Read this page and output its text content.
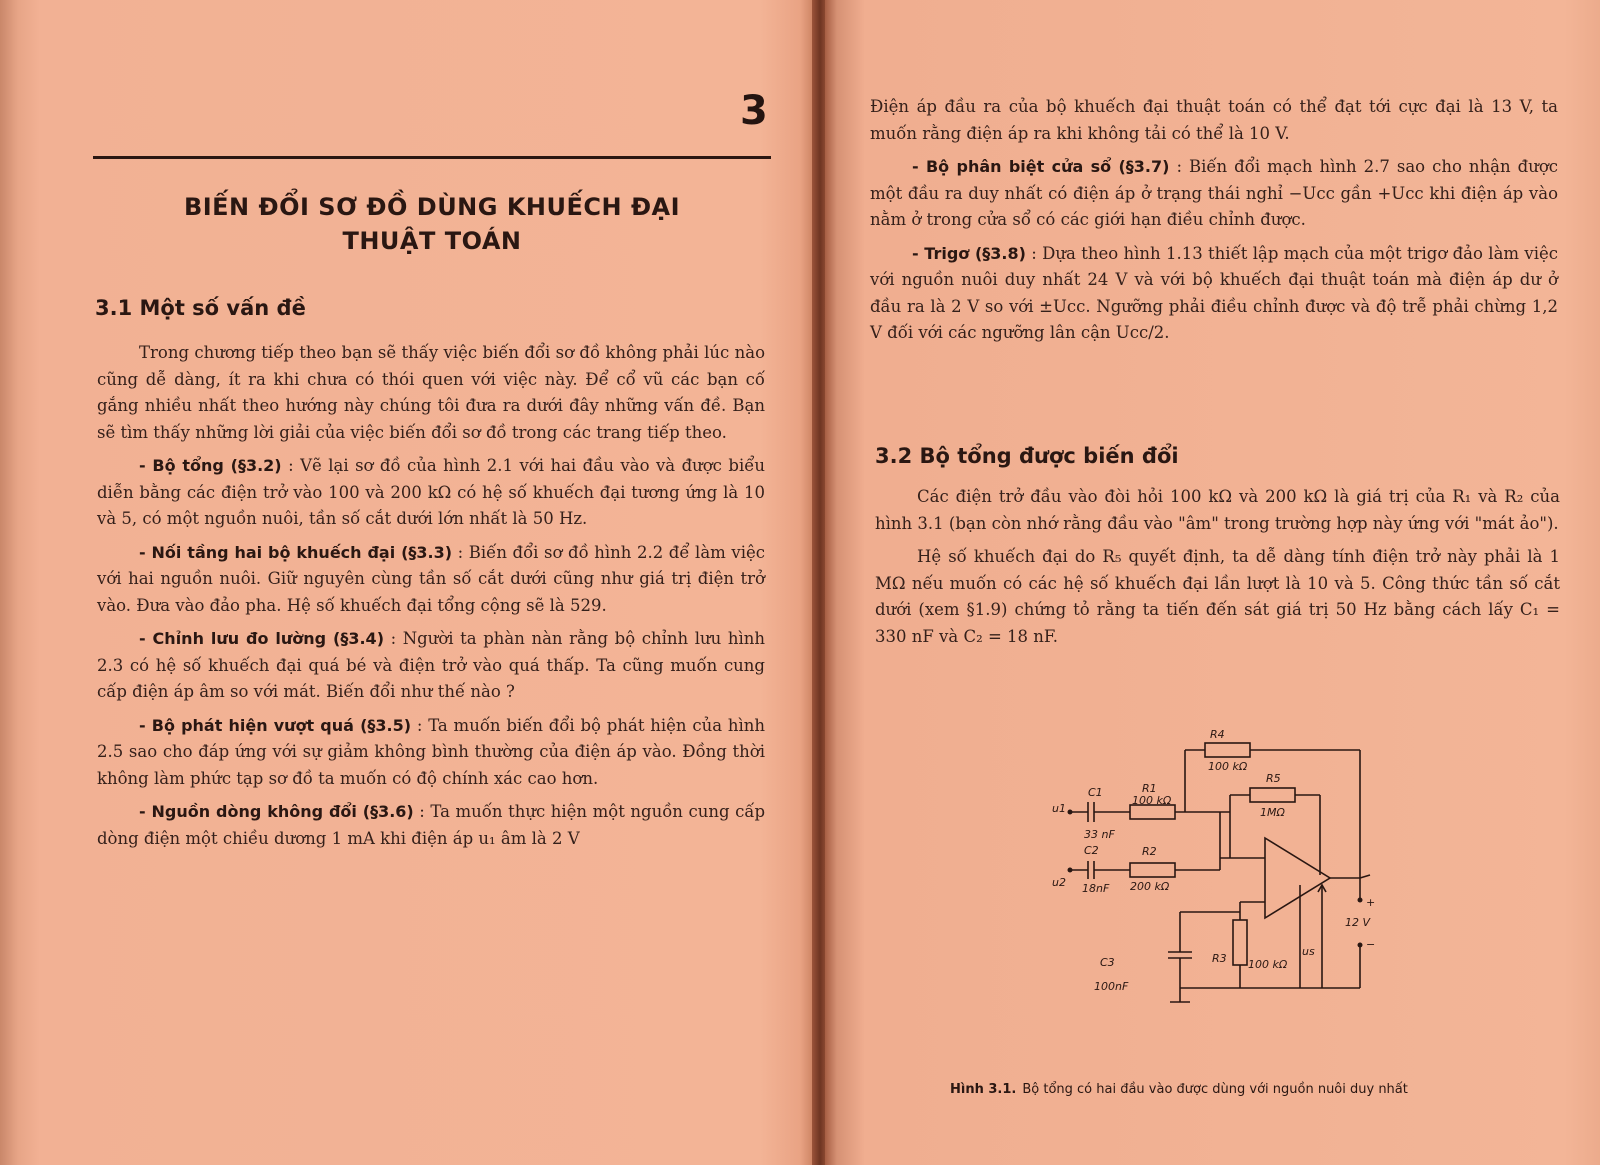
3
BIẾN ĐỔI SƠ ĐỒ DÙNG KHUẾCH ĐẠI
THUẬT TOÁN
3.1 Một số vấn đề

Trong chương tiếp theo bạn sẽ thấy việc biến đổi sơ đồ không phải lúc nào cũng dễ dàng, ít ra khi chưa có thói quen với việc này. Để cổ vũ các bạn cố gắng nhiều nhất theo hướng này chúng tôi đưa ra dưới đây những vấn đề. Bạn sẽ tìm thấy những lời giải của việc biến đổi sơ đồ trong các trang tiếp theo.

- Bộ tổng (§3.2) : Vẽ lại sơ đồ của hình 2.1 với hai đầu vào và được biểu diễn bằng các điện trở vào 100 và 200 kΩ có hệ số khuếch đại tương ứng là 10 và 5, có một nguồn nuôi, tần số cắt dưới lớn nhất là 50 Hz.

- Nối tầng hai bộ khuếch đại (§3.3) : Biến đổi sơ đồ hình 2.2 để làm việc với hai nguồn nuôi. Giữ nguyên cùng tần số cắt dưới cũng như giá trị điện trở vào. Đưa vào đảo pha. Hệ số khuếch đại tổng cộng sẽ là 529.

- Chỉnh lưu đo lường (§3.4) : Người ta phàn nàn rằng bộ chỉnh lưu hình 2.3 có hệ số khuếch đại quá bé và điện trở vào quá thấp. Ta cũng muốn cung cấp điện áp âm so với mát. Biến đổi như thế nào ?

- Bộ phát hiện vượt quá (§3.5) : Ta muốn biến đổi bộ phát hiện của hình 2.5 sao cho đáp ứng với sự giảm không bình thường của điện áp vào. Đồng thời không làm phức tạp sơ đồ ta muốn có độ chính xác cao hơn.

- Nguồn dòng không đổi (§3.6) : Ta muốn thực hiện một nguồn cung cấp dòng điện một chiều dương 1 mA khi điện áp u₁ âm là 2 V

Điện áp đầu ra của bộ khuếch đại thuật toán có thể đạt tới cực đại là 13 V, ta muốn rằng điện áp ra khi không tải có thể là 10 V.

- Bộ phân biệt cửa sổ (§3.7) : Biến đổi mạch hình 2.7 sao cho nhận được một đầu ra duy nhất có điện áp ở trạng thái nghỉ −Ucc gần +Ucc khi điện áp vào nằm ở trong cửa sổ có các giới hạn điều chỉnh được.

- Trigơ (§3.8) : Dựa theo hình 1.13 thiết lập mạch của một trigơ đảo làm việc với nguồn nuôi duy nhất 24 V và với bộ khuếch đại thuật toán mà điện áp dư ở đầu ra là 2 V so với ±Ucc. Ngưỡng phải điều chỉnh được và độ trễ phải chừng 1,2 V đối với các ngưỡng lân cận Ucc/2.

3.2 Bộ tổng được biến đổi

Các điện trở đầu vào đòi hỏi 100 kΩ và 200 kΩ là giá trị của R₁ và R₂ của hình 3.1 (bạn còn nhớ rằng đầu vào "âm" trong trường hợp này ứng với "mát ảo").

Hệ số khuếch đại do R₅ quyết định, ta dễ dàng tính điện trở này phải là 1 MΩ nếu muốn có các hệ số khuếch đại lần lượt là 10 và 5. Công thức tần số cắt dưới (xem §1.9) chứng tỏ rằng ta tiến đến sát giá trị 50 Hz bằng cách lấy C₁ = 330 nF và C₂ = 18 nF.

R4
100 kΩ
R1
100 kΩ
C1
33 nF
u1
R5
1MΩ
C2
18nF
R2
200 kΩ
u2
C3
100nF
R3 100 kΩ
us
12 V
+
−
Hình 3.1. Bộ tổng có hai đầu vào được dùng với nguồn nuôi duy nhất
